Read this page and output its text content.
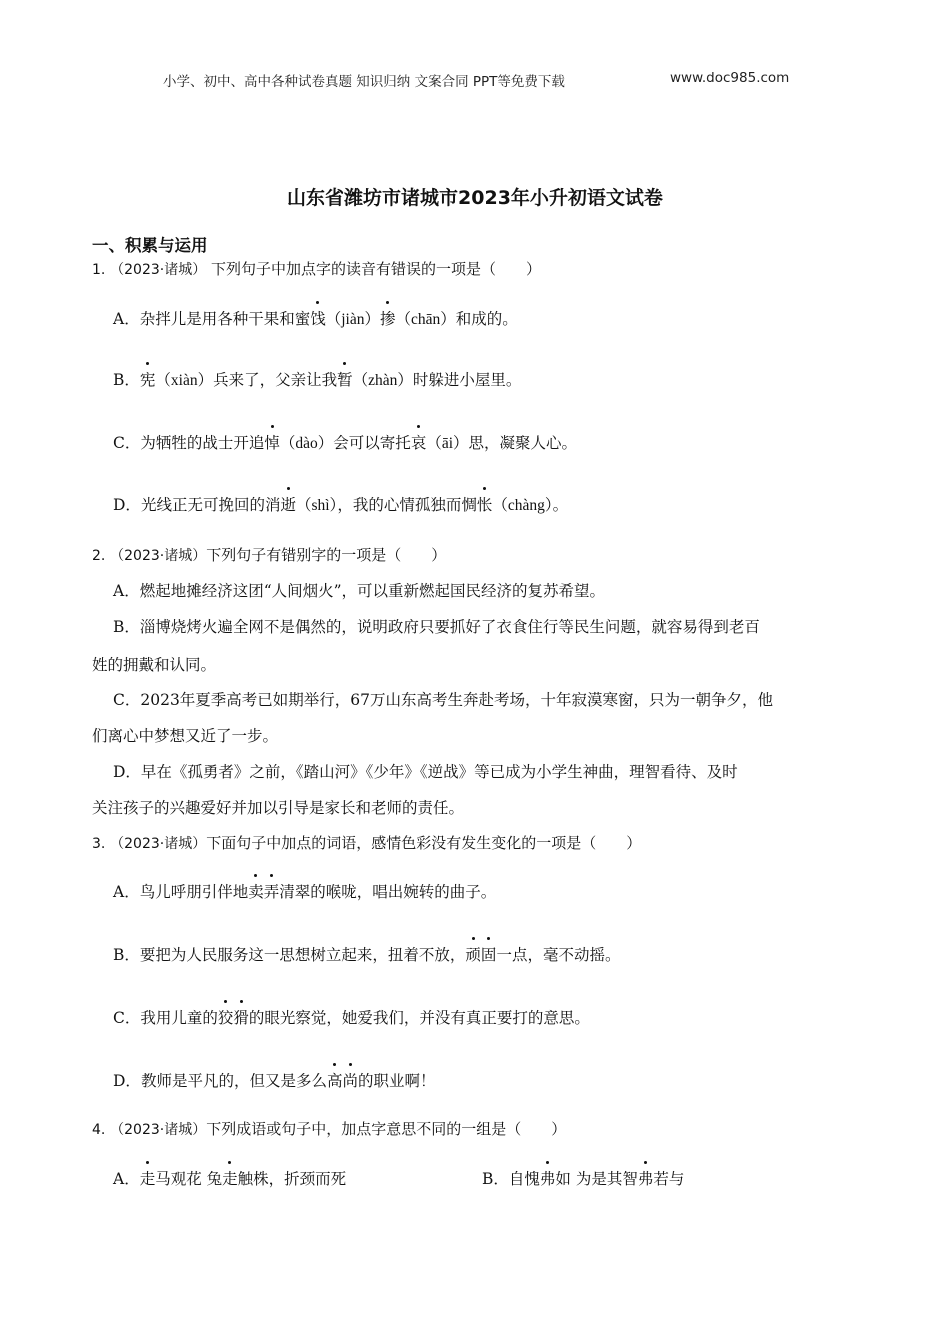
小学、初中、高中各种试卷真题 知识归纳 文案合同 PPT等免费下载	www.doc985.com
山东省潍坊市诸城市2023年小升初语文试卷
一、积累与运用
1. （2023·诸城） 下列句子中加点字的读音有错误的一项是（　　）
A．杂拌儿是用各种干果和蜜饯（jiàn）掺（chān）和成的。
B．宪（xiàn）兵来了，父亲让我暂（zhàn）时躲进小屋里。
C．为牺牲的战士开追悼（dào）会可以寄托哀（āi）思，凝聚人心。
D．光线正无可挽回的消逝（shì），我的心情孤独而惆怅（chàng）。
2. （2023·诸城）下列句子有错别字的一项是（　　）
A．燃起地摊经济这团“人间烟火”，可以重新燃起国民经济的复苏希望。
B．淄博烧烤火遍全网不是偶然的，说明政府只要抓好了衣食住行等民生问题，就容易得到老百
姓的拥戴和认同。
C．2023年夏季高考已如期举行，67万山东高考生奔赴考场，十年寂漠寒窗，只为一朝争夕，他
们离心中梦想又近了一步。
D．早在《孤勇者》之前，《踏山河》《少年》《逆战》等已成为小学生神曲，理智看待、及时
关注孩子的兴趣爱好并加以引导是家长和老师的责任。
3. （2023·诸城）下面句子中加点的词语，感情色彩没有发生变化的一项是（　　）
A．鸟儿呼朋引伴地卖弄清翠的喉咙，唱出婉转的曲子。
B．要把为人民服务这一思想树立起来，扭着不放，顽固一点，毫不动摇。
C．我用儿童的狡猾的眼光察觉，她爱我们，并没有真正要打的意思。
D．教师是平凡的，但又是多么高尚的职业啊！
4. （2023·诸城）下列成语或句子中，加点字意思不同的一组是（　　）
A．走马观花 兔走触株，折颈而死	B．自愧弗如 为是其智弗若与
